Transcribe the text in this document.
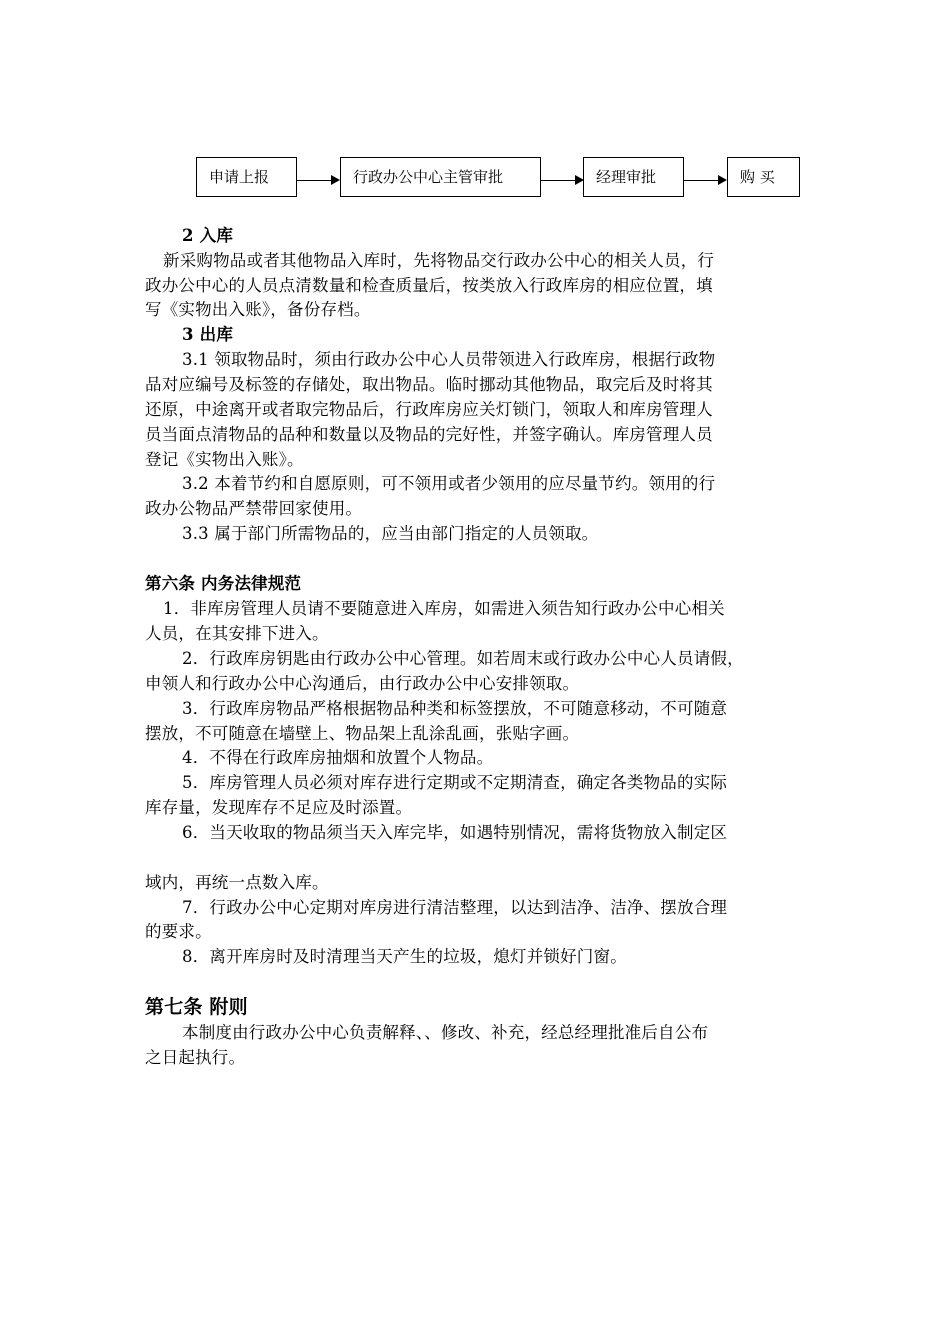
申请上报	行政办公中心主管审批	经理审批	购 买
2 入库
新采购物品或者其他物品入库时，先将物品交行政办公中心的相关人员，行
政办公中心的人员点清数量和检查质量后，按类放入行政库房的相应位置，填
写《实物出入账》，备份存档。
3 出库
3.1 领取物品时，须由行政办公中心人员带领进入行政库房，根据行政物
品对应编号及标签的存储处，取出物品。临时挪动其他物品，取完后及时将其
还原，中途离开或者取完物品后，行政库房应关灯锁门，领取人和库房管理人
员当面点清物品的品种和数量以及物品的完好性，并签字确认。库房管理人员
登记《实物出入账》。
3.2 本着节约和自愿原则，可不领用或者少领用的应尽量节约。领用的行
政办公物品严禁带回家使用。
3.3 属于部门所需物品的，应当由部门指定的人员领取。
第六条 内务法律规范
1．非库房管理人员请不要随意进入库房，如需进入须告知行政办公中心相关
人员，在其安排下进入。
2．行政库房钥匙由行政办公中心管理。如若周末或行政办公中心人员请假，
申领人和行政办公中心沟通后，由行政办公中心安排领取。
3．行政库房物品严格根据物品种类和标签摆放，不可随意移动，不可随意
摆放，不可随意在墙壁上、物品架上乱涂乱画，张贴字画。
4．不得在行政库房抽烟和放置个人物品。
5．库房管理人员必须对库存进行定期或不定期清查，确定各类物品的实际
库存量，发现库存不足应及时添置。
6．当天收取的物品须当天入库完毕，如遇特别情况，需将货物放入制定区
域内，再统一点数入库。
7．行政办公中心定期对库房进行清洁整理，以达到洁净、洁净、摆放合理
的要求。
8．离开库房时及时清理当天产生的垃圾，熄灯并锁好门窗。
第七条 附则
本制度由行政办公中心负责解释、、修改、补充，经总经理批准后自公布
之日起执行。
